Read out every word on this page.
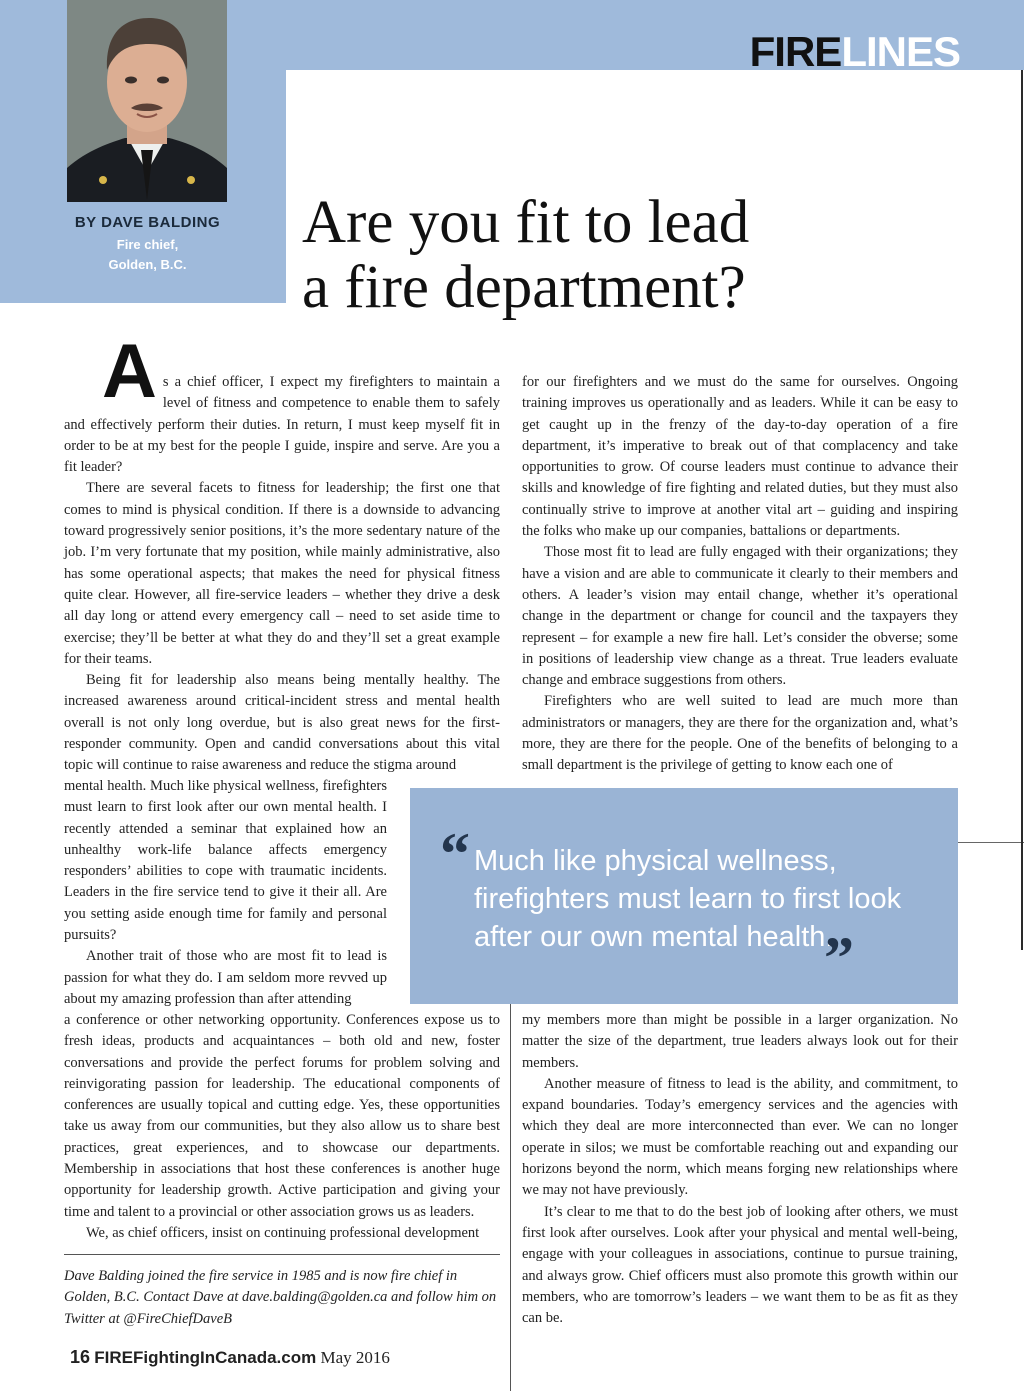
FIRELINES
BY DAVE BALDING
Fire chief,
Golden, B.C.
Are you fit to lead
a fire department?

As a chief officer, I expect my firefighters to maintain a level of fitness and competence to enable them to safely and effectively perform their duties. In return, I must keep myself fit in order to be at my best for the people I guide, inspire and serve. Are you a fit leader?

There are several facets to fitness for leadership; the first one that comes to mind is physical condition. If there is a downside to advancing toward progressively senior positions, it’s the more sedentary nature of the job. I’m very fortunate that my position, while mainly administrative, also has some operational aspects; that makes the need for physical fitness quite clear. However, all fire-service leaders – whether they drive a desk all day long or attend every emergency call – need to set aside time to exercise; they’ll be better at what they do and they’ll set a great example for their teams.

Being fit for leadership also means being mentally healthy. The increased awareness around critical-incident stress and mental health overall is not only long overdue, but is also great news for the first-responder community. Open and candid conversations about this vital topic will continue to raise awareness and reduce the stigma around

mental health. Much like physical wellness, firefighters must learn to first look after our own mental health. I recently attended a seminar that explained how an unhealthy work-life balance affects emergency responders’ abilities to cope with traumatic incidents. Leaders in the fire service tend to give it their all. Are you setting aside enough time for family and personal pursuits?

Another trait of those who are most fit to lead is passion for what they do. I am seldom more revved up about my amazing profession than after attending

a conference or other networking opportunity. Conferences expose us to fresh ideas, products and acquaintances – both old and new, foster conversations and provide the perfect forums for problem solving and reinvigorating passion for leadership. The educational components of conferences are usually topical and cutting edge. Yes, these opportunities take us away from our communities, but they also allow us to share best practices, great experiences, and to showcase our departments. Membership in associations that host these conferences is another huge opportunity for leadership growth. Active participation and giving your time and talent to a provincial or other association grows us as leaders.

We, as chief officers, insist on continuing professional development

for our firefighters and we must do the same for ourselves. Ongoing training improves us operationally and as leaders. While it can be easy to get caught up in the frenzy of the day-to-day operation of a fire department, it’s imperative to break out of that complacency and take opportunities to grow. Of course leaders must continue to advance their skills and knowledge of fire fighting and related duties, but they must also continually strive to improve at another vital art – guiding and inspiring the folks who make up our companies, battalions or departments.

Those most fit to lead are fully engaged with their organizations; they have a vision and are able to communicate it clearly to their members and others. A leader’s vision may entail change, whether it’s operational change in the department or change for council and the taxpayers they represent – for example a new fire hall. Let’s consider the obverse; some in positions of leadership view change as a threat. True leaders evaluate change and embrace suggestions from others.

Firefighters who are well suited to lead are much more than administrators or managers, they are there for the organization and, what’s more, they are there for the people. One of the benefits of belonging to a small department is the privilege of getting to know each one of

my members more than might be possible in a larger organization. No matter the size of the department, true leaders always look out for their members.

Another measure of fitness to lead is the ability, and commitment, to expand boundaries. Today’s emergency services and the agencies with which they deal are more interconnected than ever. We can no longer operate in silos; we must be comfortable reaching out and expanding our horizons beyond the norm, which means forging new relationships where we may not have previously.

It’s clear to me that to do the best job of looking after others, we must first look after ourselves. Look after your physical and mental well-being, engage with your colleagues in associations, continue to pursue training, and always grow. Chief officers must also promote this growth within our members, who are tomorrow’s leaders – we want them to be as fit as they can be.

“ Much like physical wellness, firefighters must learn to first look after our own mental health.
”
Dave Balding joined the fire service in 1985 and is now fire chief in Golden, B.C. Contact Dave at dave.balding@golden.ca and follow him on Twitter at @FireChiefDaveB
16 FIREFightingInCanada.com May 2016
